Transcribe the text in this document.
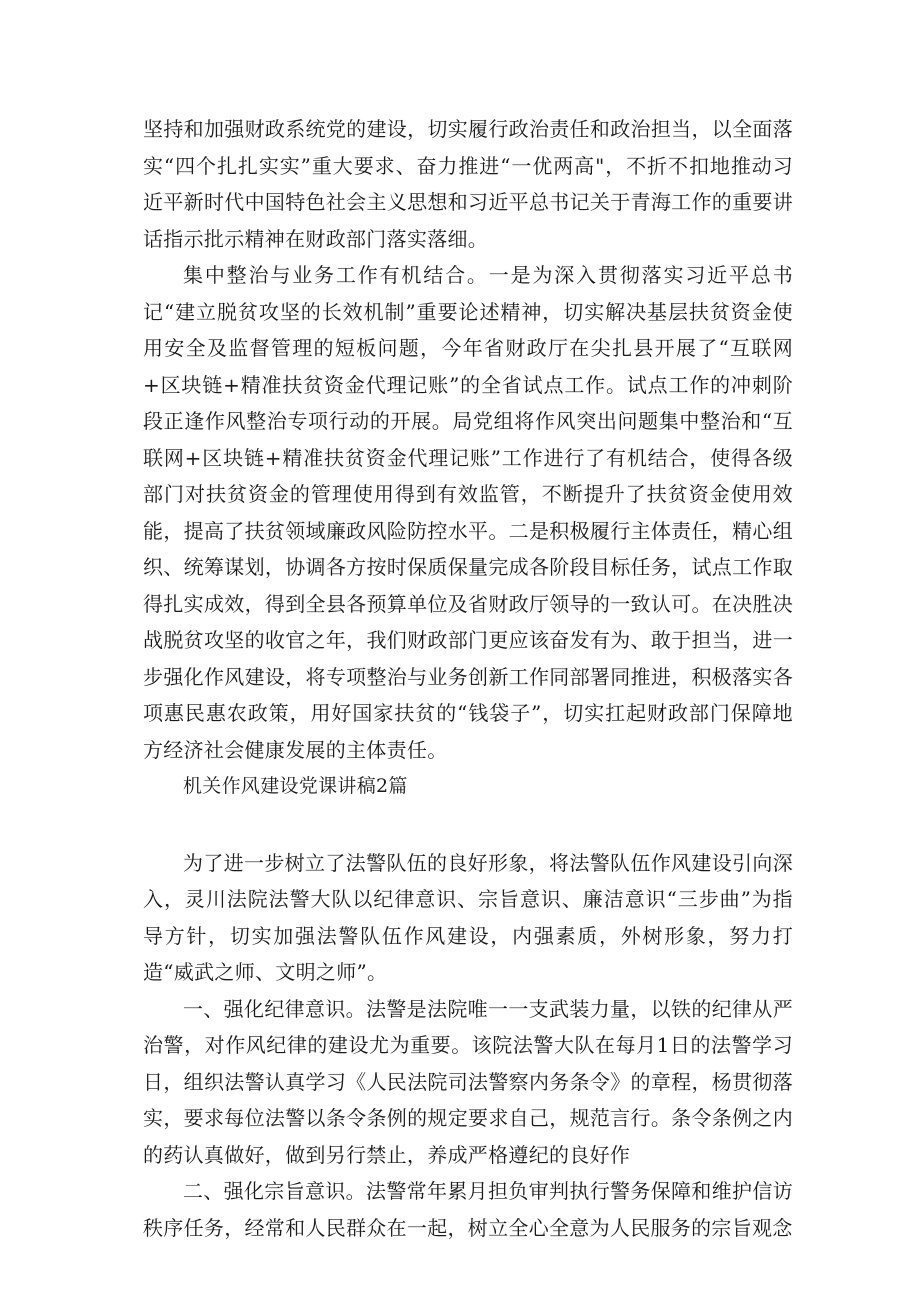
坚持和加强财政系统党的建设，切实履行政治责任和政治担当，以全面落实“四个扎扎实实”重大要求、奋力推进“一优两高"，不折不扣地推动习近平新时代中国特色社会主义思想和习近平总书记关于青海工作的重要讲话指示批示精神在财政部门落实落细。

集中整治与业务工作有机结合。一是为深入贯彻落实习近平总书记“建立脱贫攻坚的长效机制”重要论述精神，切实解决基层扶贫资金使用安全及监督管理的短板问题，今年省财政厅在尖扎县开展了“互联网+区块链+精准扶贫资金代理记账”的全省试点工作。试点工作的冲刺阶段正逢作风整治专项行动的开展。局党组将作风突出问题集中整治和“互联网+区块链+精准扶贫资金代理记账”工作进行了有机结合，使得各级部门对扶贫资金的管理使用得到有效监管，不断提升了扶贫资金使用效能，提高了扶贫领域廉政风险防控水平。二是积极履行主体责任，精心组织、统筹谋划，协调各方按时保质保量完成各阶段目标任务，试点工作取得扎实成效，得到全县各预算单位及省财政厅领导的一致认可。在决胜决战脱贫攻坚的收官之年，我们财政部门更应该奋发有为、敢于担当，进一步强化作风建设，将专项整治与业务创新工作同部署同推进，积极落实各项惠民惠农政策，用好国家扶贫的“钱袋子”，切实扛起财政部门保障地方经济社会健康发展的主体责任。

机关作风建设党课讲稿2篇

为了进一步树立了法警队伍的良好形象，将法警队伍作风建设引向深入，灵川法院法警大队以纪律意识、宗旨意识、廉洁意识“三步曲”为指导方针，切实加强法警队伍作风建设，内强素质，外树形象，努力打造“威武之师、文明之师”。

一、强化纪律意识。法警是法院唯一一支武装力量，以铁的纪律从严治警，对作风纪律的建设尤为重要。该院法警大队在每月1日的法警学习日，组织法警认真学习《人民法院司法警察内务条令》的章程，杨贯彻落实，要求每位法警以条令条例的规定要求自己，规范言行。条令条例之内的药认真做好，做到另行禁止，养成严格遵纪的良好作

二、强化宗旨意识。法警常年累月担负审判执行警务保障和维护信访秩序任务，经常和人民群众在一起，树立全心全意为人民服务的宗旨观念
